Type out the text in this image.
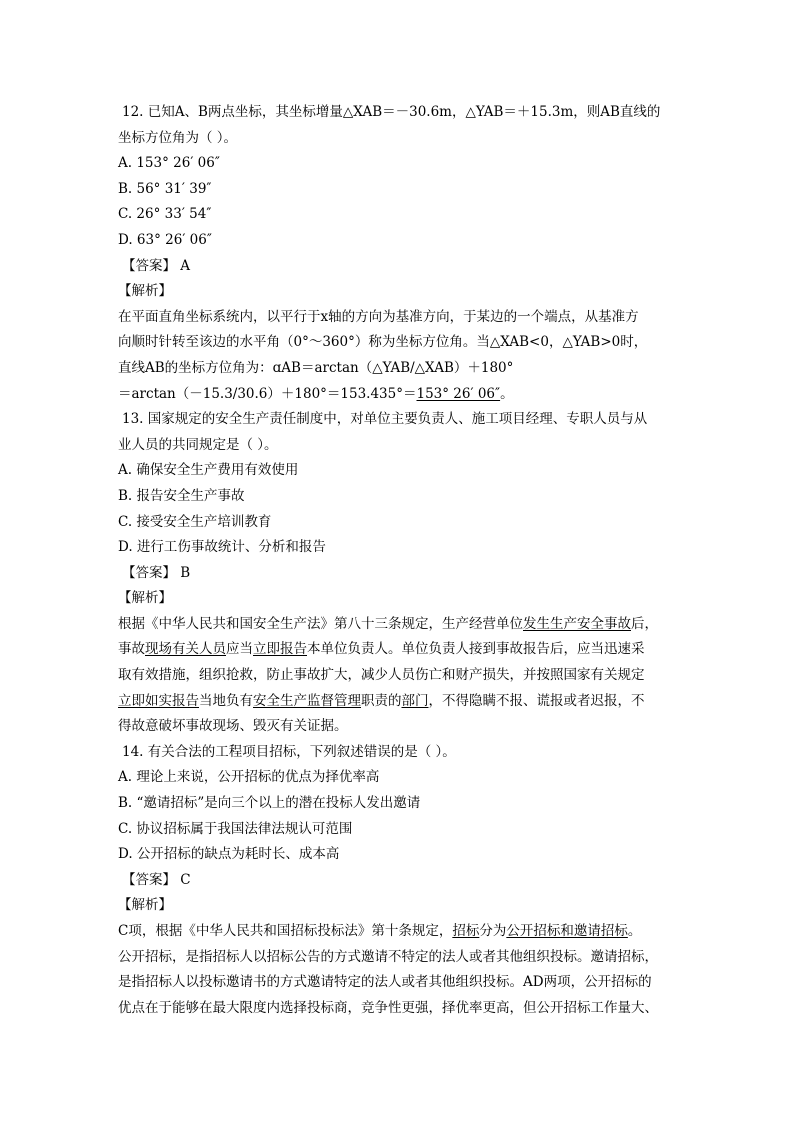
12. 已知A、B两点坐标，其坐标增量△XAB＝－30.6m，△YAB＝＋15.3m，则AB直线的
坐标方位角为（ ）。
A. 153° 26′ 06″
B. 56° 31′ 39″
C. 26° 33′ 54″
D. 63° 26′ 06″
【答案】 A
【解析】
在平面直角坐标系统内，以平行于x轴的方向为基准方向，于某边的一个端点，从基准方
向顺时针转至该边的水平角（0°～360°）称为坐标方位角。当△XAB<0，△YAB>0时，
直线AB的坐标方位角为：ɑAB＝arctan（△YAB/△XAB）＋180°
＝arctan（－15.3/30.6）＋180°＝153.435°＝153° 26′ 06″。
13. 国家规定的安全生产责任制度中，对单位主要负责人、施工项目经理、专职人员与从
业人员的共同规定是（ ）。
A. 确保安全生产费用有效使用
B. 报告安全生产事故
C. 接受安全生产培训教育
D. 进行工伤事故统计、分析和报告
【答案】 B
【解析】
根据《中华人民共和国安全生产法》第八十三条规定，生产经营单位发生生产安全事故后，
事故现场有关人员应当立即报告本单位负责人。单位负责人接到事故报告后，应当迅速采
取有效措施，组织抢救，防止事故扩大，减少人员伤亡和财产损失，并按照国家有关规定
立即如实报告当地负有安全生产监督管理职责的部门，不得隐瞒不报、谎报或者迟报，不
得故意破坏事故现场、毁灭有关证据。
14. 有关合法的工程项目招标，下列叙述错误的是（ ）。
A. 理论上来说，公开招标的优点为择优率高
B. “邀请招标”是向三个以上的潜在投标人发出邀请
C. 协议招标属于我国法律法规认可范围
D. 公开招标的缺点为耗时长、成本高
【答案】 C
【解析】
C项，根据《中华人民共和国招标投标法》第十条规定，招标分为公开招标和邀请招标。
公开招标，是指招标人以招标公告的方式邀请不特定的法人或者其他组织投标。邀请招标，
是指招标人以投标邀请书的方式邀请特定的法人或者其他组织投标。AD两项，公开招标的
优点在于能够在最大限度内选择投标商，竞争性更强，择优率更高，但公开招标工作量大、
